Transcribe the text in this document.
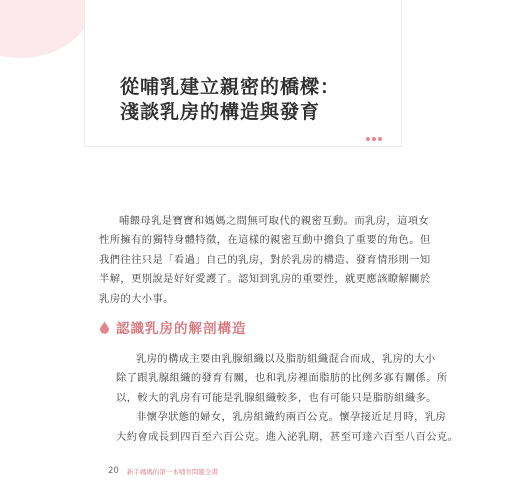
從哺乳建立親密的橋樑：
淺談乳房的構造與發育
哺餵母乳是寶寶和媽媽之間無可取代的親密互動。而乳房，這項女
性所擁有的獨特身體特徵，在這樣的親密互動中擔負了重要的角色。但
我們往往只是「看過」自己的乳房，對於乳房的構造、發育情形則一知
半解，更別說是好好愛護了。認知到乳房的重要性，就更應該瞭解關於
乳房的大小事。
認識乳房的解剖構造
乳房的構成主要由乳腺組織以及脂肪組織混合而成，乳房的大小
除了跟乳腺組織的發育有關，也和乳房裡面脂肪的比例多寡有關係。所
以，較大的乳房有可能是乳腺組織較多，也有可能只是脂肪組織多。
非懷孕狀態的婦女，乳房組織約兩百公克。懷孕接近足月時，乳房
大約會成長到四百至六百公克。進入泌乳期，甚至可達六百至八百公克。
20 新手媽媽的第一本哺育問題全書
